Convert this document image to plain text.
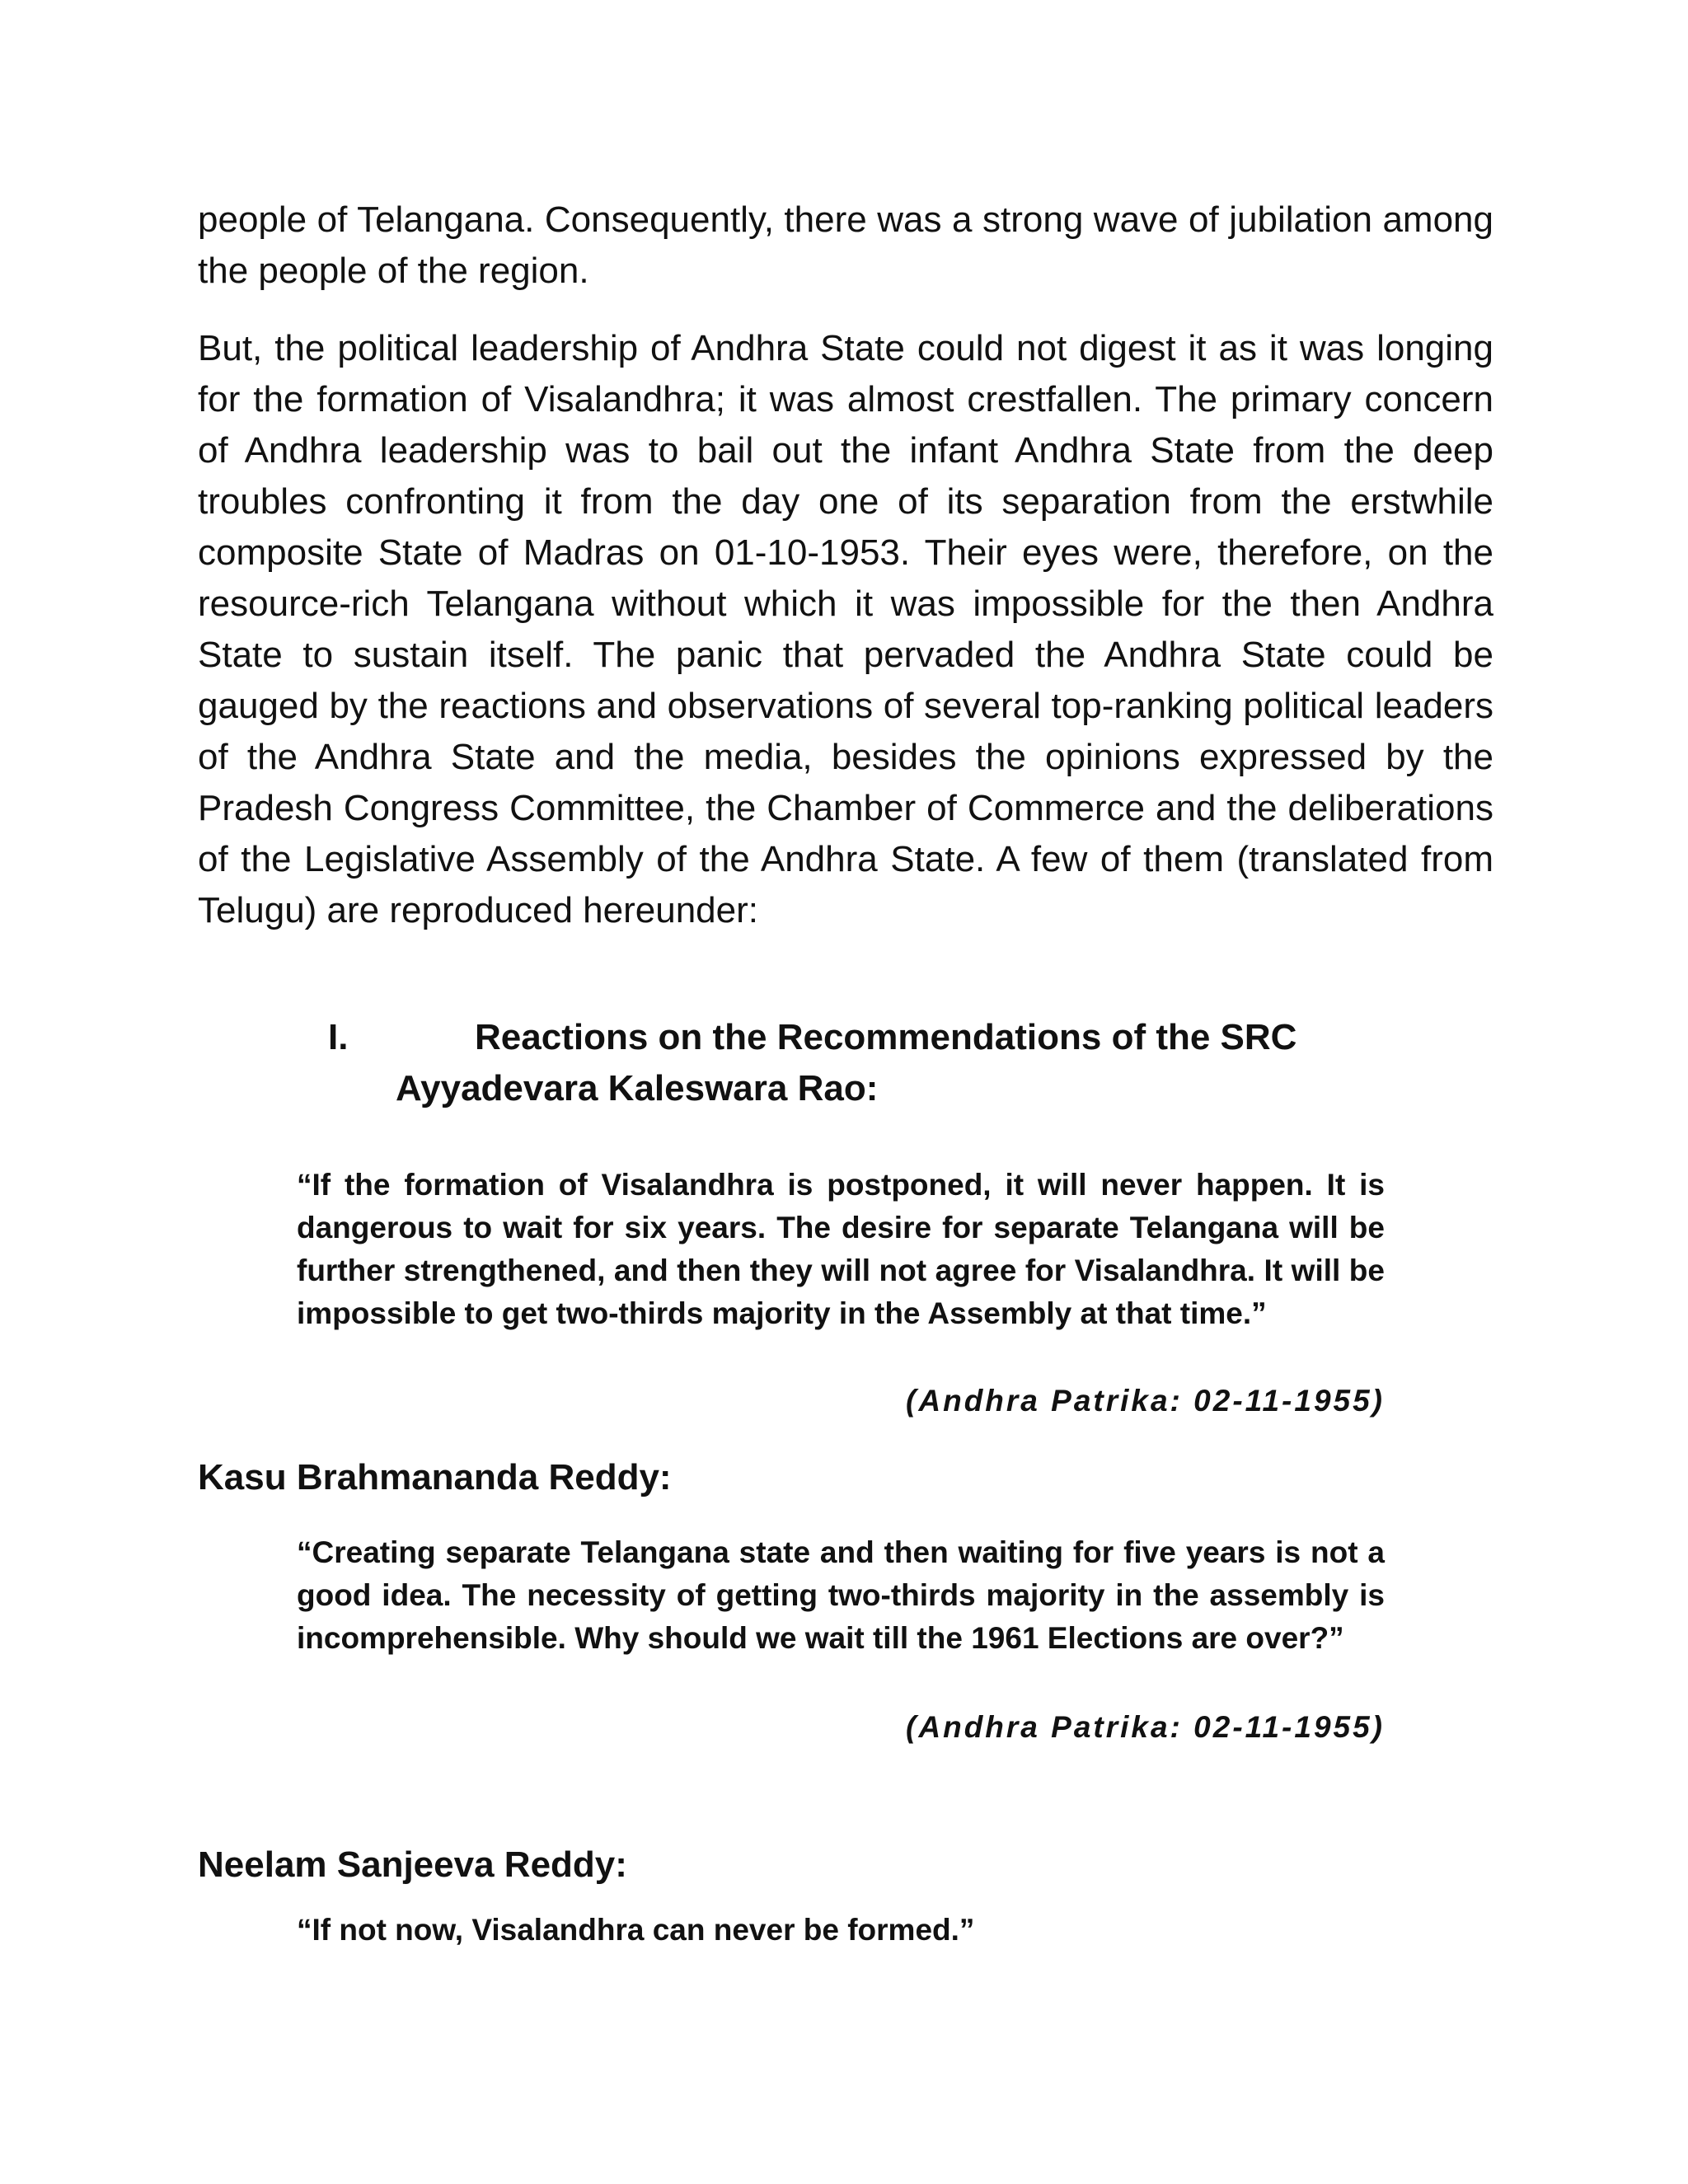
people of Telangana. Consequently, there was a strong wave of jubilation among the people of the region.

But, the political leadership of Andhra State could not digest it as it was longing for the formation of Visalandhra; it was almost crestfallen. The primary concern of Andhra leadership was to bail out the infant Andhra State from the deep troubles confronting it from the day one of its separation from the erstwhile composite State of Madras on 01-10-1953. Their eyes were, therefore, on the resource-rich Telangana without which it was impossible for the then Andhra State to sustain itself. The panic that pervaded the Andhra State could be gauged by the reactions and observations of several top-ranking political leaders of the Andhra State and the media, besides the opinions expressed by the Pradesh Congress Committee, the Chamber of Commerce and the deliberations of the Legislative Assembly of the Andhra State. A few of them (translated from Telugu) are reproduced hereunder:

I.	Reactions on the Recommendations of the SRC
Ayyadevara Kaleswara Rao:

“If the formation of Visalandhra is postponed, it will never happen. It is dangerous to wait for six years. The desire for separate Telangana will be further strengthened, and then they will not agree for Visalandhra. It will be impossible to get two-thirds majority in the Assembly at that time.”

(Andhra Patrika: 02-11-1955)

Kasu Brahmananda Reddy:

“Creating separate Telangana state and then waiting for five years is not a good idea. The necessity of getting two-thirds majority in the assembly is incomprehensible. Why should we wait till the 1961 Elections are over?”

(Andhra Patrika: 02-11-1955)

Neelam Sanjeeva Reddy:

“If not now, Visalandhra can never be formed.”
